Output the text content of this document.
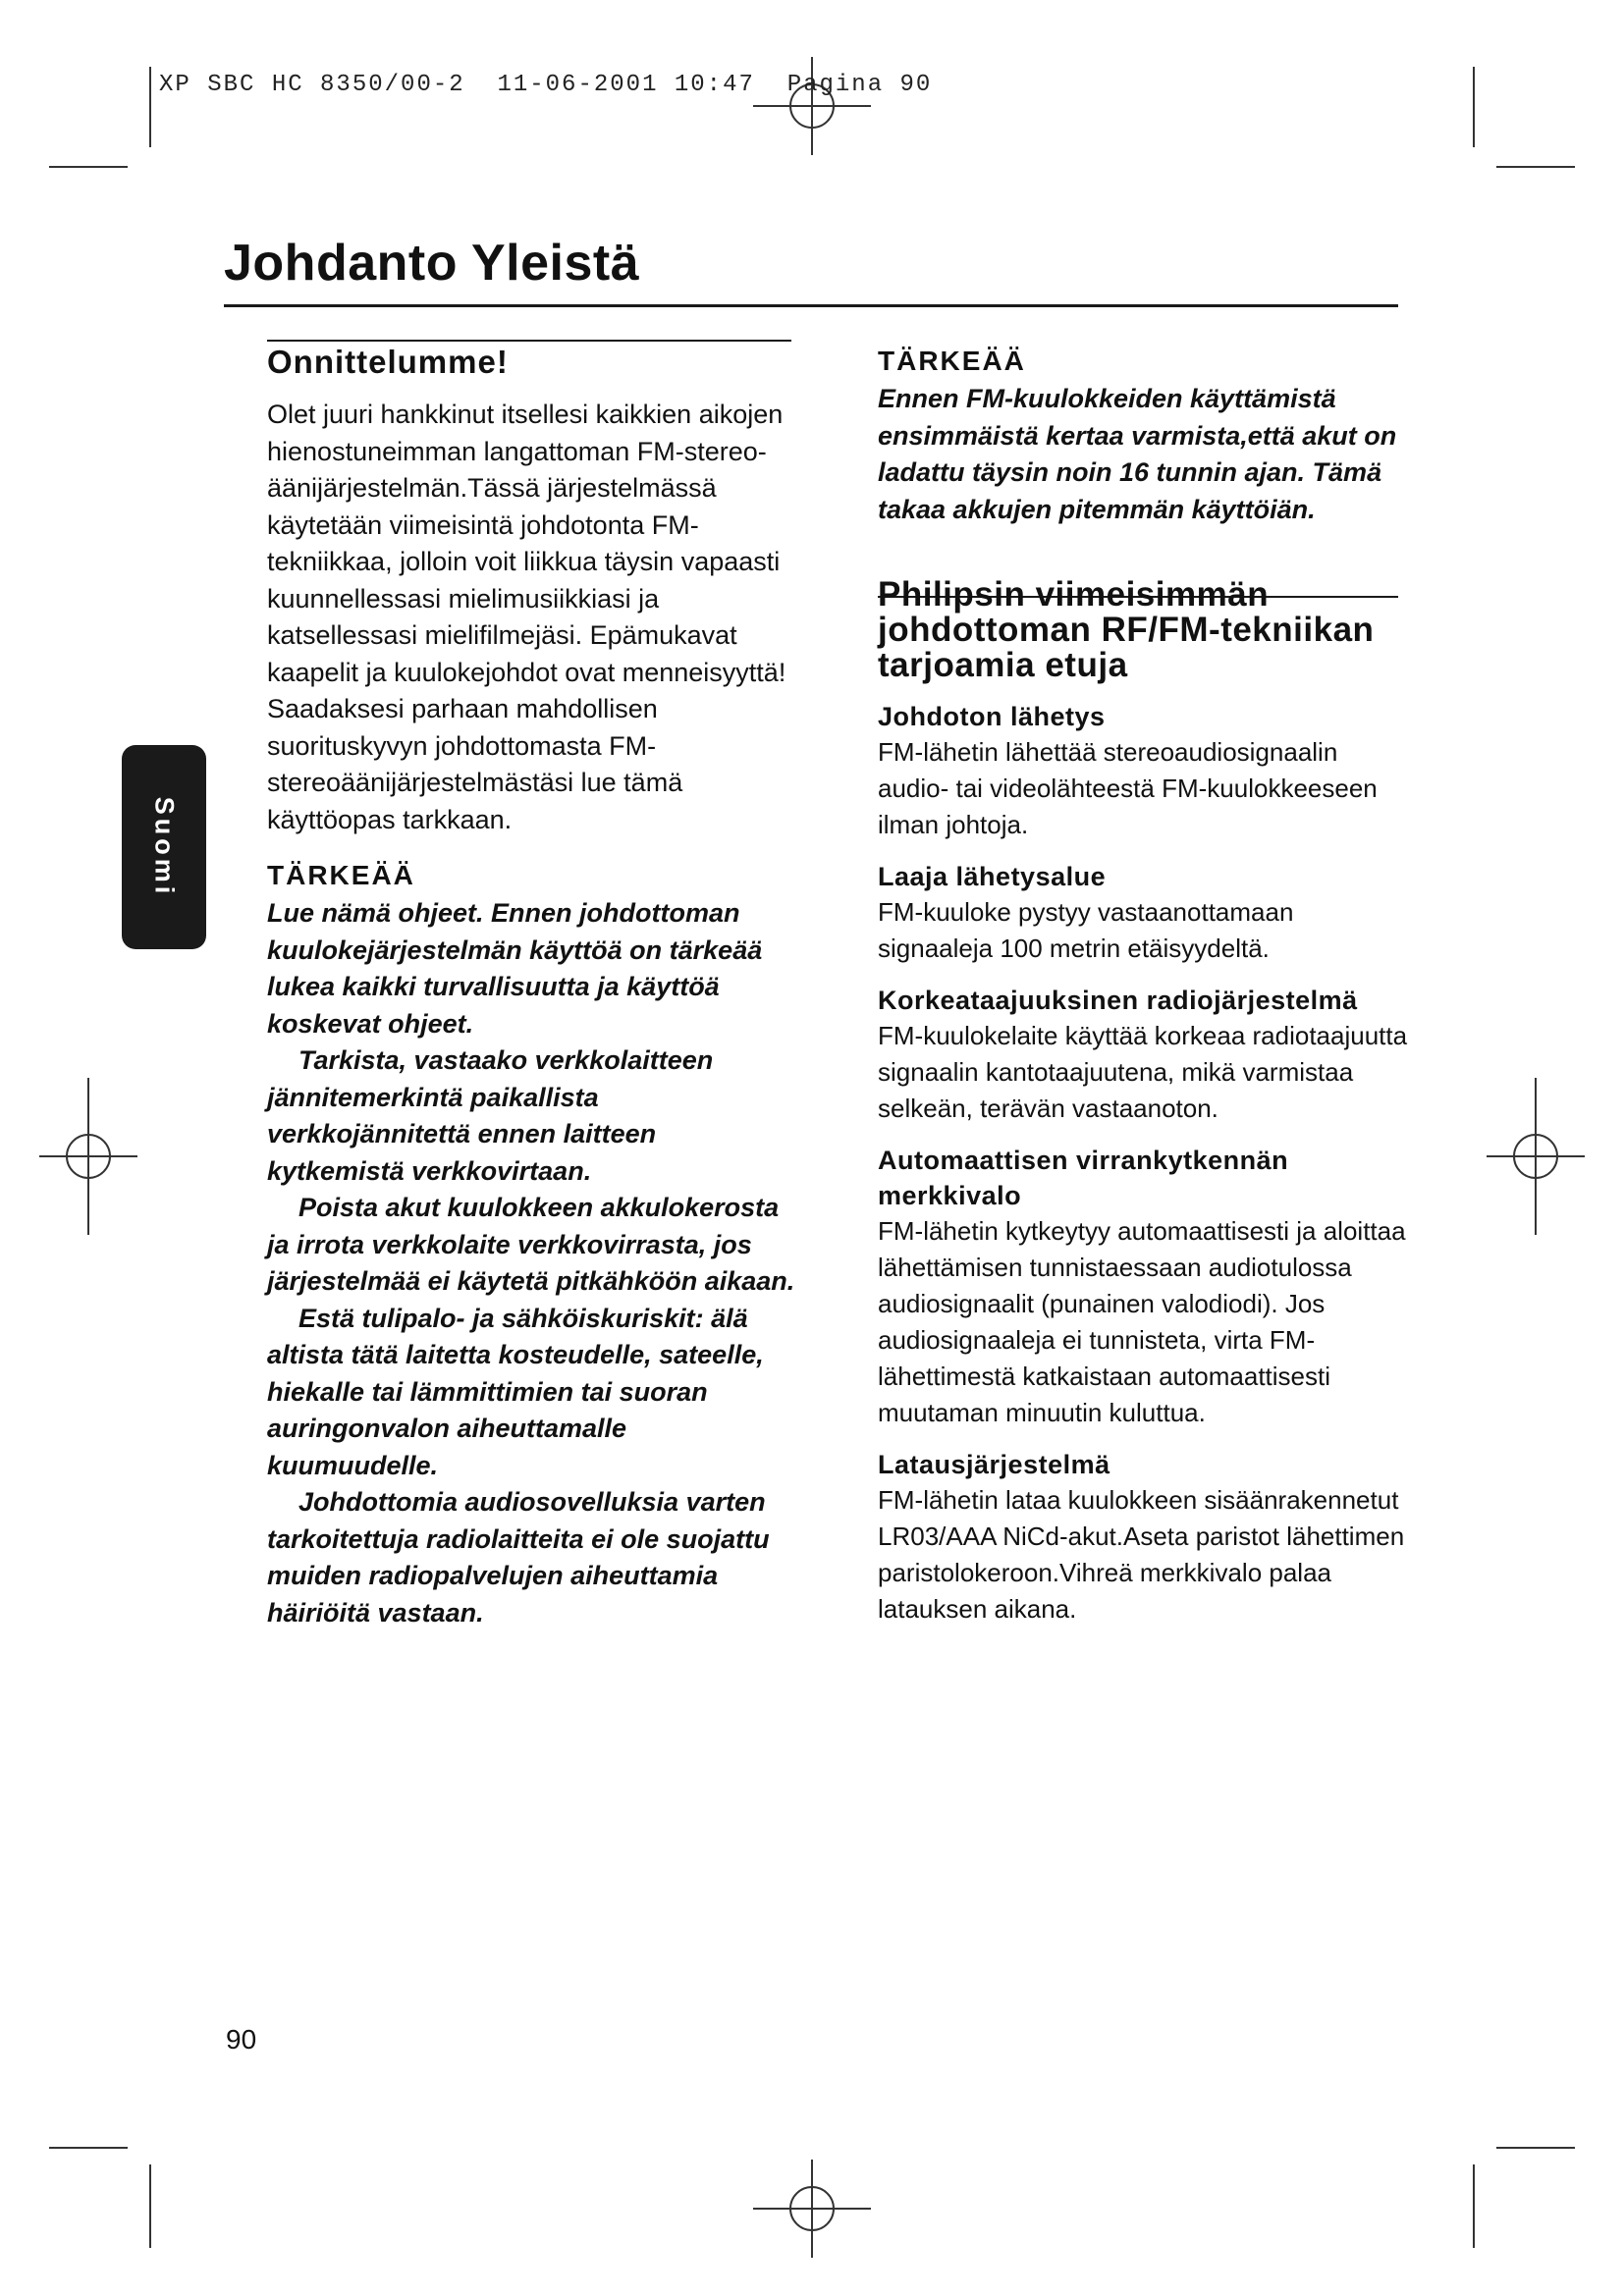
XP SBC HC 8350/00-2  11-06-2001 10:47  Pagina 90
Johdanto Yleistä
Suomi
Onnittelumme!

Olet juuri hankkinut itsellesi kaikkien aikojen hienostuneimman langattoman FM-stereo-äänijärjestelmän.Tässä järjestelmässä käytetään viimeisintä johdotonta FM-tekniikkaa, jolloin voit liikkua täysin vapaasti kuunnellessasi mielimusiikkiasi ja katsellessasi mielifilmejäsi. Epämukavat kaapelit ja kuulokejohdot ovat menneisyyttä! Saadaksesi parhaan mahdollisen suorituskyvyn johdottomasta FM-stereoäänijärjestelmästäsi lue tämä käyttöopas tarkkaan.

TÄRKEÄÄ

Lue nämä ohjeet. Ennen johdottoman kuulokejärjestelmän käyttöä on tärkeää lukea kaikki turvallisuutta ja käyttöä koskevat ohjeet.

Tarkista, vastaako verkkolaitteen jännitemerkintä paikallista verkkojännitettä ennen laitteen kytkemistä verkkovirtaan.
Poista akut kuulokkeen akkulokerosta ja irrota verkkolaite verkkovirrasta, jos järjestelmää ei käytetä pitkähköön aikaan.
Estä tulipalo- ja sähköiskuriskit: älä altista tätä laitetta kosteudelle, sateelle, hiekalle tai lämmittimien tai suoran auringonvalon aiheuttamalle kuumuudelle.
Johdottomia audiosovelluksia varten tarkoitettuja radiolaitteita ei ole suojattu muiden radiopalvelujen aiheuttamia häiriöitä vastaan.

TÄRKEÄÄ

Ennen FM-kuulokkeiden käyttämistä ensimmäistä kertaa varmista,että akut on ladattu täysin noin 16 tunnin ajan. Tämä takaa akkujen pitemmän käyttöiän.

Philipsin viimeisimmän johdottoman RF/FM-tekniikan tarjoamia etuja
Johdoton lähetys

FM-lähetin lähettää stereoaudiosignaalin audio- tai videolähteestä FM-kuulokkeeseen ilman johtoja.

Laaja lähetysalue

FM-kuuloke pystyy vastaanottamaan signaaleja 100 metrin etäisyydeltä.

Korkeataajuuksinen radiojärjestelmä

FM-kuulokelaite käyttää korkeaa radiotaajuutta signaalin kantotaajuutena, mikä varmistaa selkeän, terävän vastaanoton.

Automaattisen virrankytkennän merkkivalo

FM-lähetin kytkeytyy automaattisesti ja aloittaa lähettämisen tunnistaessaan audiotulossa audiosignaalit (punainen valodiodi). Jos audiosignaaleja ei tunnisteta, virta FM-lähettimestä katkaistaan automaattisesti muutaman minuutin kuluttua.

Latausjärjestelmä

FM-lähetin lataa kuulokkeen sisäänrakennetut LR03/AAA NiCd-akut.Aseta paristot lähettimen paristolokeroon.Vihreä merkkivalo palaa latauksen aikana.

90
